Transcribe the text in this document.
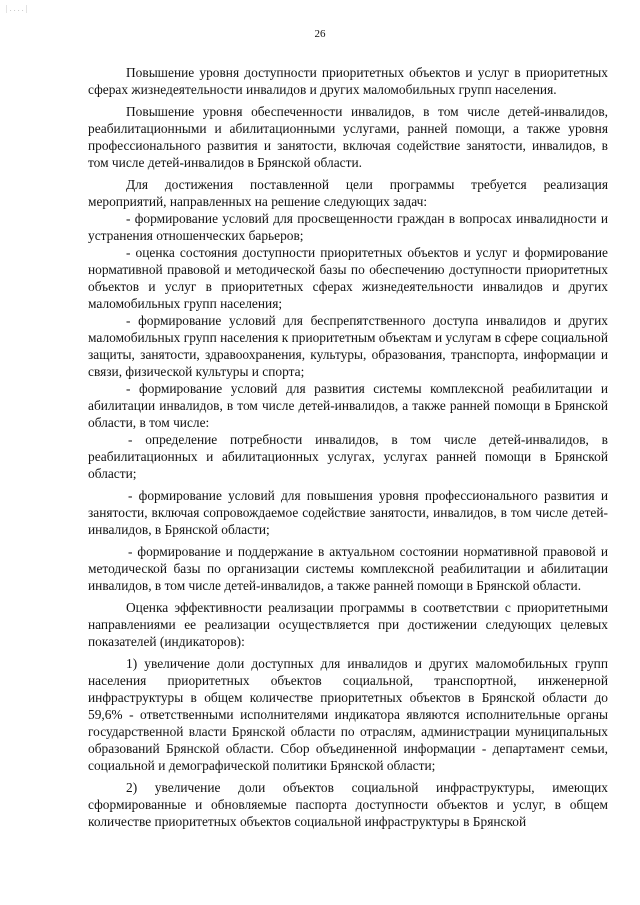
| . . . . |
26

Повышение уровня доступности приоритетных объектов и услуг в приоритетных сферах жизнедеятельности инвалидов и других маломобильных групп населения.

Повышение уровня обеспеченности инвалидов, в том числе детей-инвалидов, реабилитационными и абилитационными услугами, ранней помощи, а также уровня профессионального развития и занятости, включая содействие занятости, инвалидов, в том числе детей-инвалидов в Брянской области.

Для достижения поставленной цели программы требуется реализация мероприятий, направленных на решение следующих задач:

- формирование условий для просвещенности граждан в вопросах инвалидности и устранения отношенческих барьеров;

- оценка состояния доступности приоритетных объектов и услуг и формирование нормативной правовой и методической базы по обеспечению доступности приоритетных объектов и услуг в приоритетных сферах жизнедеятельности инвалидов и других маломобильных групп населения;

- формирование условий для беспрепятственного доступа инвалидов и других маломобильных групп населения к приоритетным объектам и услугам в сфере социальной защиты, занятости, здравоохранения, культуры, образования, транспорта, информации и связи, физической культуры и спорта;

- формирование условий для развития системы комплексной реабилитации и абилитации инвалидов, в том числе детей-инвалидов, а также ранней помощи в Брянской области, в том числе:

- определение потребности инвалидов, в том числе детей-инвалидов, в реабилитационных и абилитационных услугах, услугах ранней помощи в Брянской области;

- формирование условий для повышения уровня профессионального развития и занятости, включая сопровождаемое содействие занятости, инвалидов, в том числе детей-инвалидов, в Брянской области;

- формирование и поддержание в актуальном состоянии нормативной правовой и методической базы по организации системы комплексной реабилитации и абилитации инвалидов, в том числе детей-инвалидов, а также ранней помощи в Брянской области.

Оценка эффективности реализации программы в соответствии с приоритетными направлениями ее реализации осуществляется при достижении следующих целевых показателей (индикаторов):

1) увеличение доли доступных для инвалидов и других маломобильных групп населения приоритетных объектов социальной, транспортной, инженерной инфраструктуры в общем количестве приоритетных объектов в Брянской области до 59,6% - ответственными исполнителями индикатора являются исполнительные органы государственной власти Брянской области по отраслям, администрации муниципальных образований Брянской области. Сбор объединенной информации - департамент семьи, социальной и демографической политики Брянской области;

2) увеличение доли объектов социальной инфраструктуры, имеющих сформированные и обновляемые паспорта доступности объектов и услуг, в общем количестве приоритетных объектов социальной инфраструктуры в Брянской
